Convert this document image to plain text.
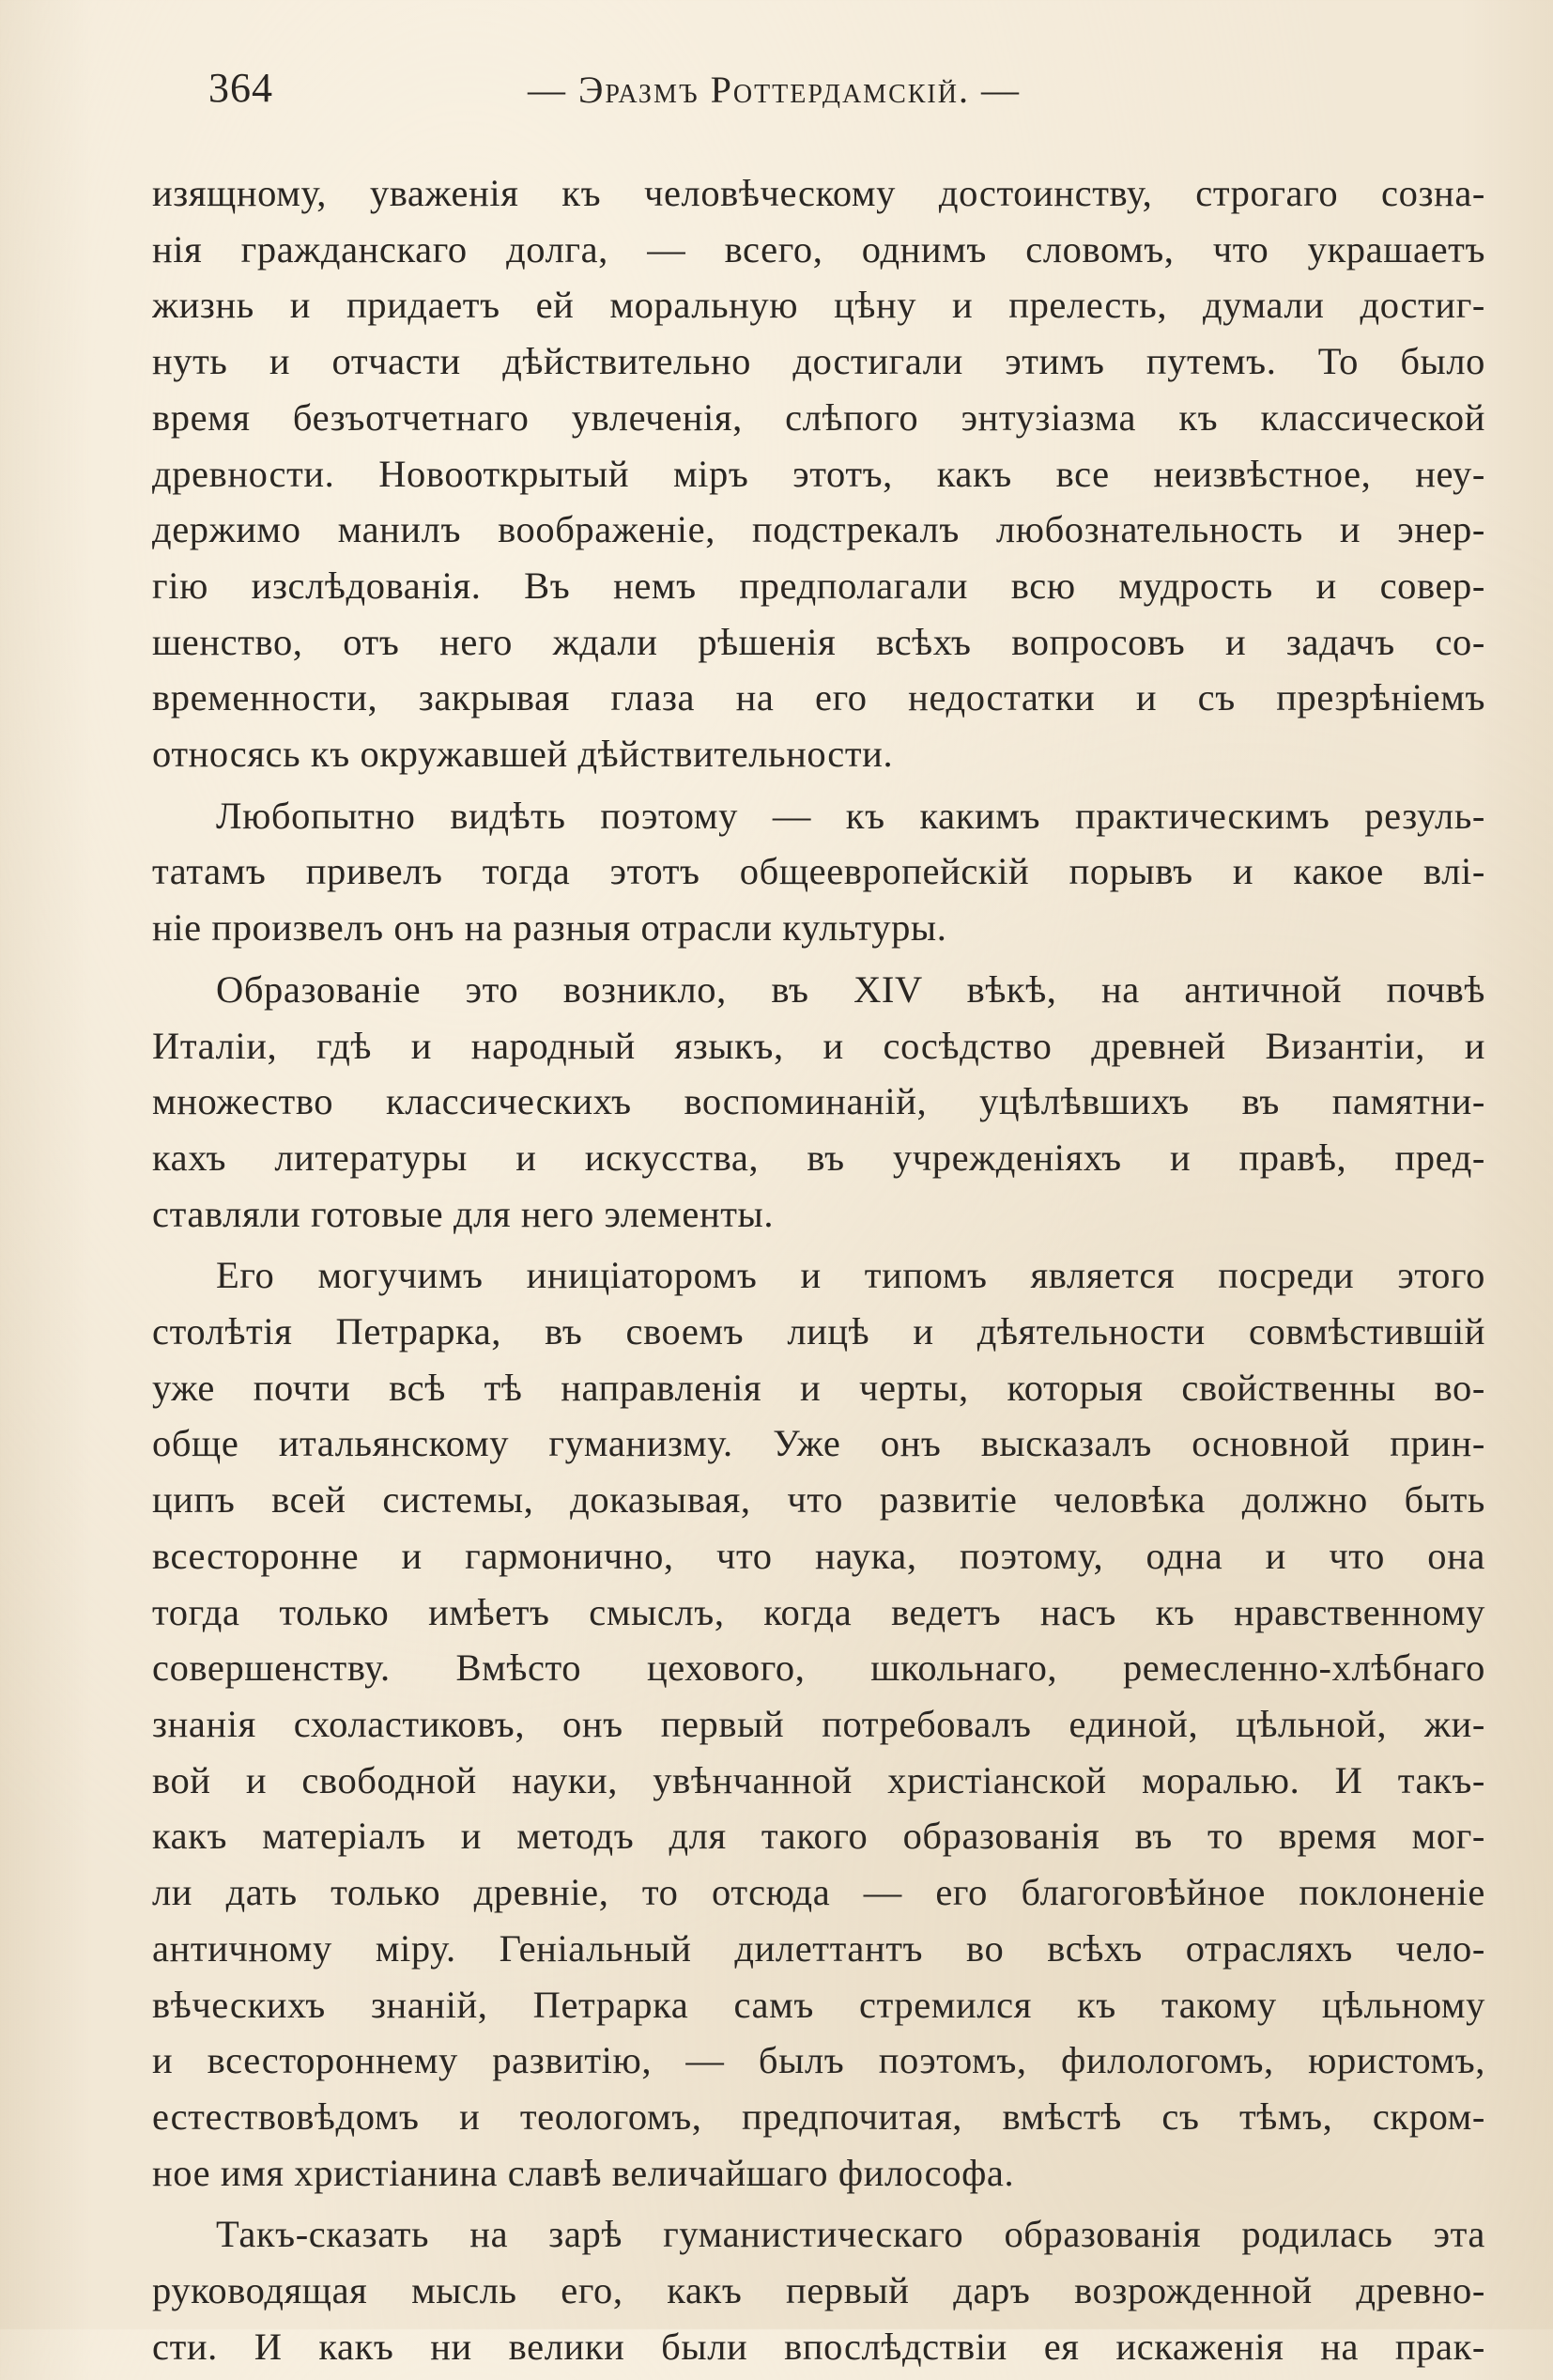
364	— Эразмъ Роттердамскій. —
изящному, уваженія къ человѣческому достоинству, строгаго созна-
нія гражданскаго долга, — всего, однимъ словомъ, что украшаетъ
жизнь и придаетъ ей моральную цѣну и прелесть, думали достиг-
нуть и отчасти дѣйствительно достигали этимъ путемъ. То было
время безъотчетнаго увлеченія, слѣпого энтузіазма къ классической
древности. Новооткрытый міръ этотъ, какъ все неизвѣстное, неу-
держимо манилъ воображеніе, подстрекалъ любознательность и энер-
гію изслѣдованія. Въ немъ предполагали всю мудрость и совер-
шенство, отъ него ждали рѣшенія всѣхъ вопросовъ и задачъ со-
временности, закрывая глаза на его недостатки и съ презрѣніемъ
относясь къ окружавшей дѣйствительности.
Любопытно видѣть поэтому — къ какимъ практическимъ резуль-
татамъ привелъ тогда этотъ общеевропейскій порывъ и какое влі-
ніе произвелъ онъ на разныя отрасли культуры.
Образованіе это возникло, въ XIV вѣкѣ, на античной почвѣ
Италіи, гдѣ и народный языкъ, и сосѣдство древней Византіи, и
множество классическихъ воспоминаній, уцѣлѣвшихъ въ памятни-
кахъ литературы и искусства, въ учрежденіяхъ и правѣ, пред-
ставляли готовые для него элементы.
Его могучимъ иниціаторомъ и типомъ является посреди этого
столѣтія Петрарка, въ своемъ лицѣ и дѣятельности совмѣстившій
уже почти всѣ тѣ направленія и черты, которыя свойственны во-
обще итальянскому гуманизму. Уже онъ высказалъ основной прин-
ципъ всей системы, доказывая, что развитіе человѣка должно быть
всесторонне и гармонично, что наука, поэтому, одна и что она
тогда только имѣетъ смыслъ, когда ведетъ насъ къ нравственному
совершенству. Вмѣсто цехового, школьнаго, ремесленно-хлѣбнаго
знанія схоластиковъ, онъ первый потребовалъ единой, цѣльной, жи-
вой и свободной науки, увѣнчанной христіанской моралью. И такъ-
какъ матеріалъ и методъ для такого образованія въ то время мог-
ли дать только древніе, то отсюда — его благоговѣйное поклоненіе
античному міру. Геніальный дилеттантъ во всѣхъ отрасляхъ чело-
вѣческихъ знаній, Петрарка самъ стремился къ такому цѣльному
и всестороннему развитію, — былъ поэтомъ, филологомъ, юристомъ,
естествовѣдомъ и теологомъ, предпочитая, вмѣстѣ съ тѣмъ, скром-
ное имя христіанина славѣ величайшаго философа.
Такъ-сказать на зарѣ гуманистическаго образованія родилась эта
руководящая мысль его, какъ первый даръ возрожденной древно-
сти. И какъ ни велики были впослѣдствіи ея искаженія на прак-
